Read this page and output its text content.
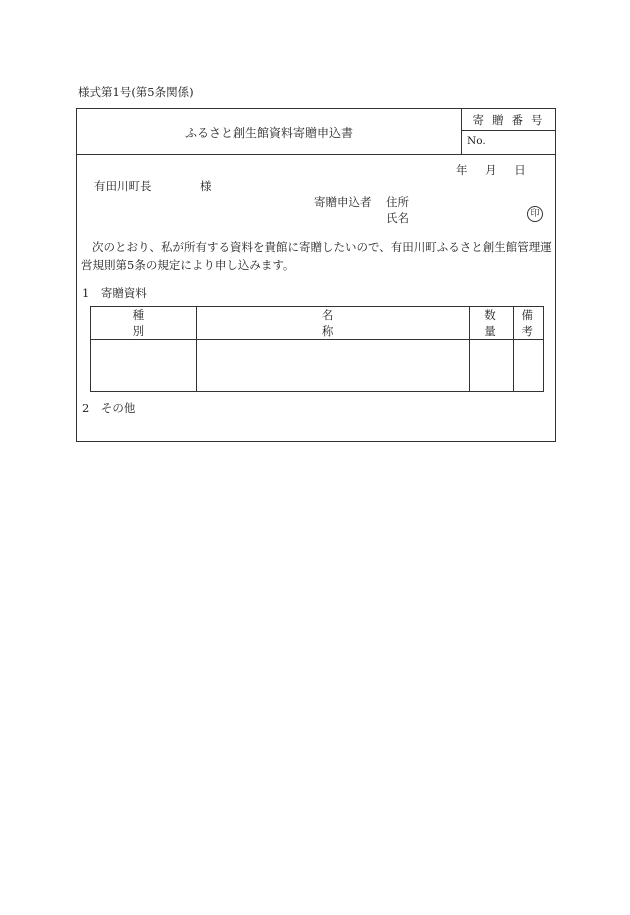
様式第1号(第5条関係)
ふるさと創生館資料寄贈申込書
寄贈番号
No.
年 月 日
有田川町長	様
寄贈申込者 住所
氏名	印
次のとおり、私が所有する資料を貴館に寄贈したいので、有田川町ふるさと創生館管理運営規則第5条の規定により申し込みます。
1　寄贈資料
種別	名称	数量	備考

2　その他
